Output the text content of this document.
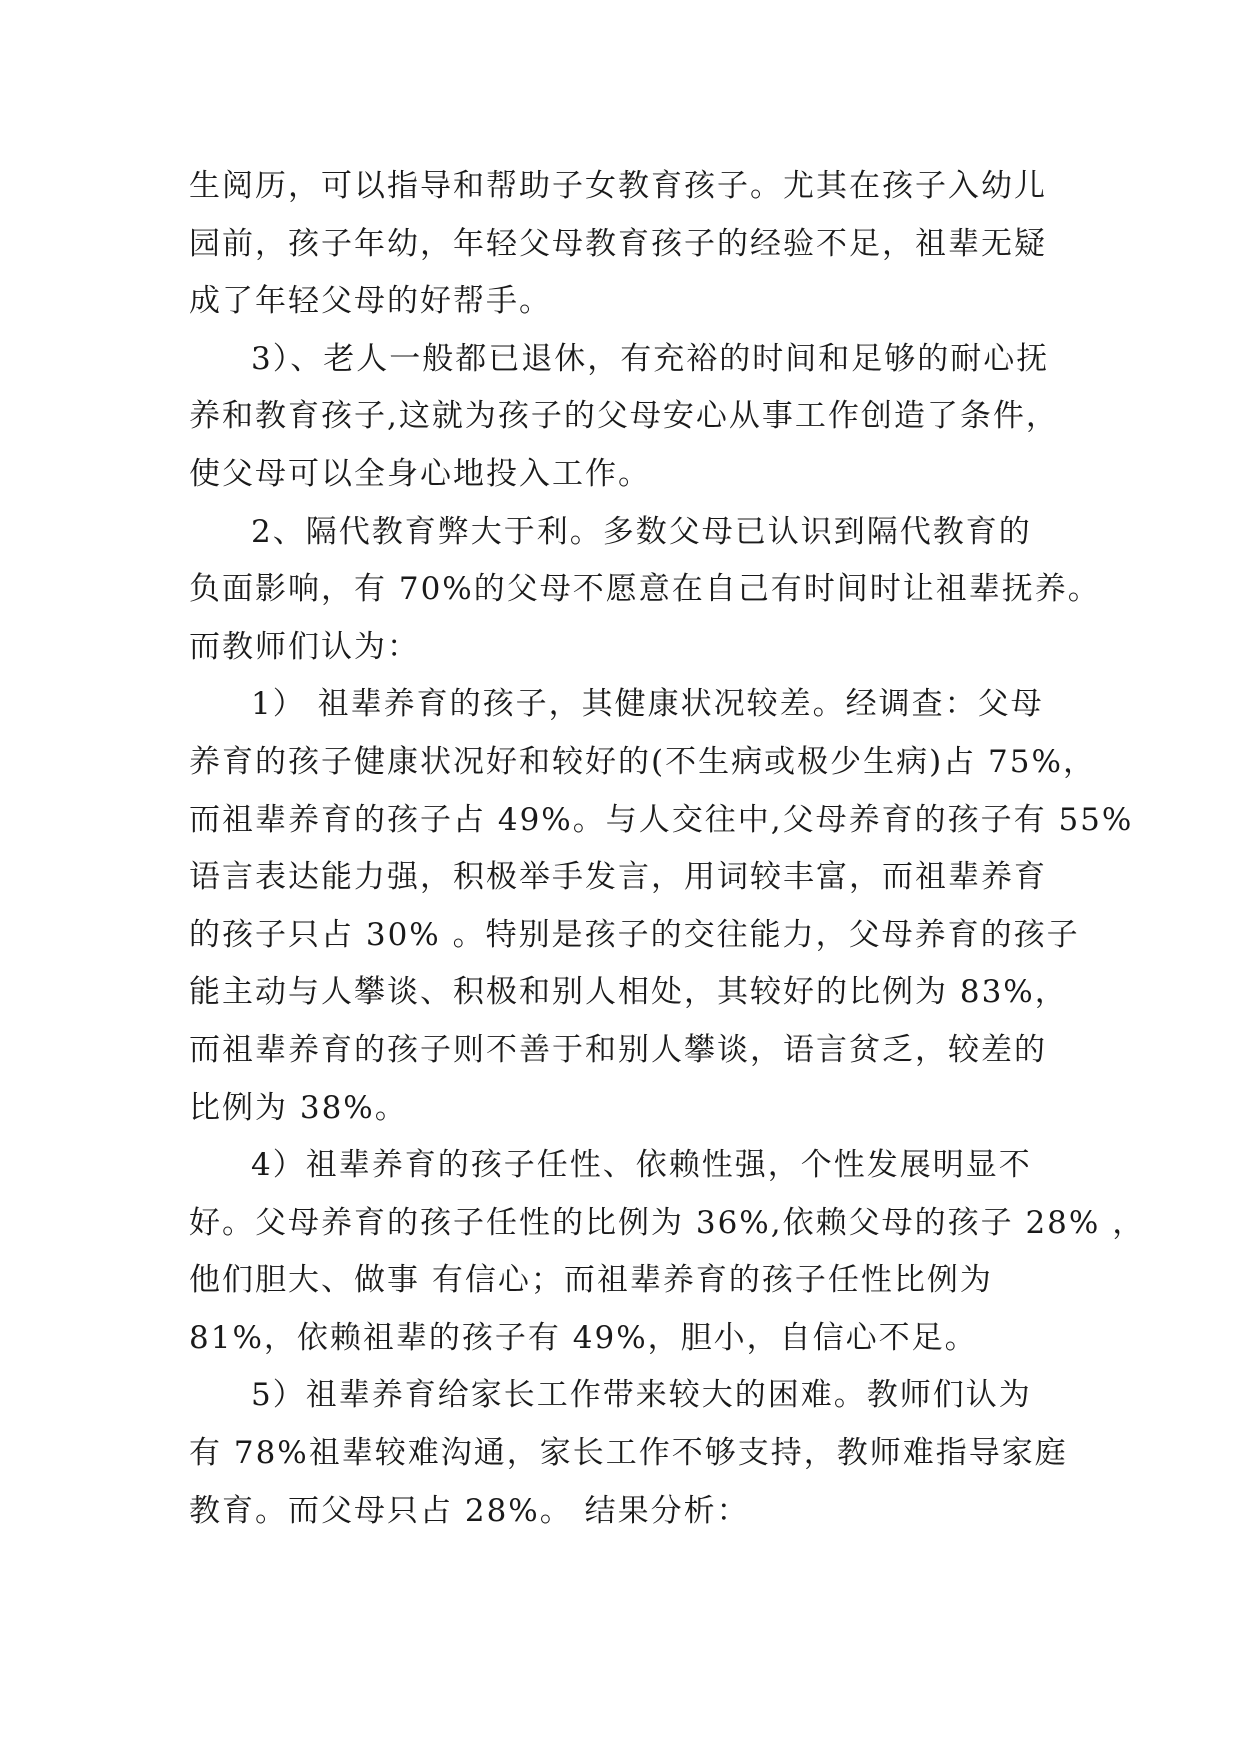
生阅历，可以指导和帮助子女教育孩子。尤其在孩子入幼儿
园前，孩子年幼，年轻父母教育孩子的经验不足，祖辈无疑
成了年轻父母的好帮手。
3）、老人一般都已退休，有充裕的时间和足够的耐心抚
养和教育孩子,这就为孩子的父母安心从事工作创造了条件，
使父母可以全身心地投入工作。
2、隔代教育弊大于利。多数父母已认识到隔代教育的
负面影响，有 70%的父母不愿意在自己有时间时让祖辈抚养。
而教师们认为：
1） 祖辈养育的孩子，其健康状况较差。经调查：父母
养育的孩子健康状况好和较好的(不生病或极少生病)占 75%，
而祖辈养育的孩子占 49%。与人交往中,父母养育的孩子有 55%
语言表达能力强，积极举手发言，用词较丰富，而祖辈养育
的孩子只占 30% 。特别是孩子的交往能力，父母养育的孩子
能主动与人攀谈、积极和别人相处，其较好的比例为 83%，
而祖辈养育的孩子则不善于和别人攀谈，语言贫乏，较差的
比例为 38%。
4）祖辈养育的孩子任性、依赖性强，个性发展明显不
好。父母养育的孩子任性的比例为 36%,依赖父母的孩子 28% ，
他们胆大、做事 有信心；而祖辈养育的孩子任性比例为
81%，依赖祖辈的孩子有 49%，胆小，自信心不足。
5）祖辈养育给家长工作带来较大的困难。教师们认为
有 78%祖辈较难沟通，家长工作不够支持，教师难指导家庭
教育。而父母只占 28%。 结果分析：
